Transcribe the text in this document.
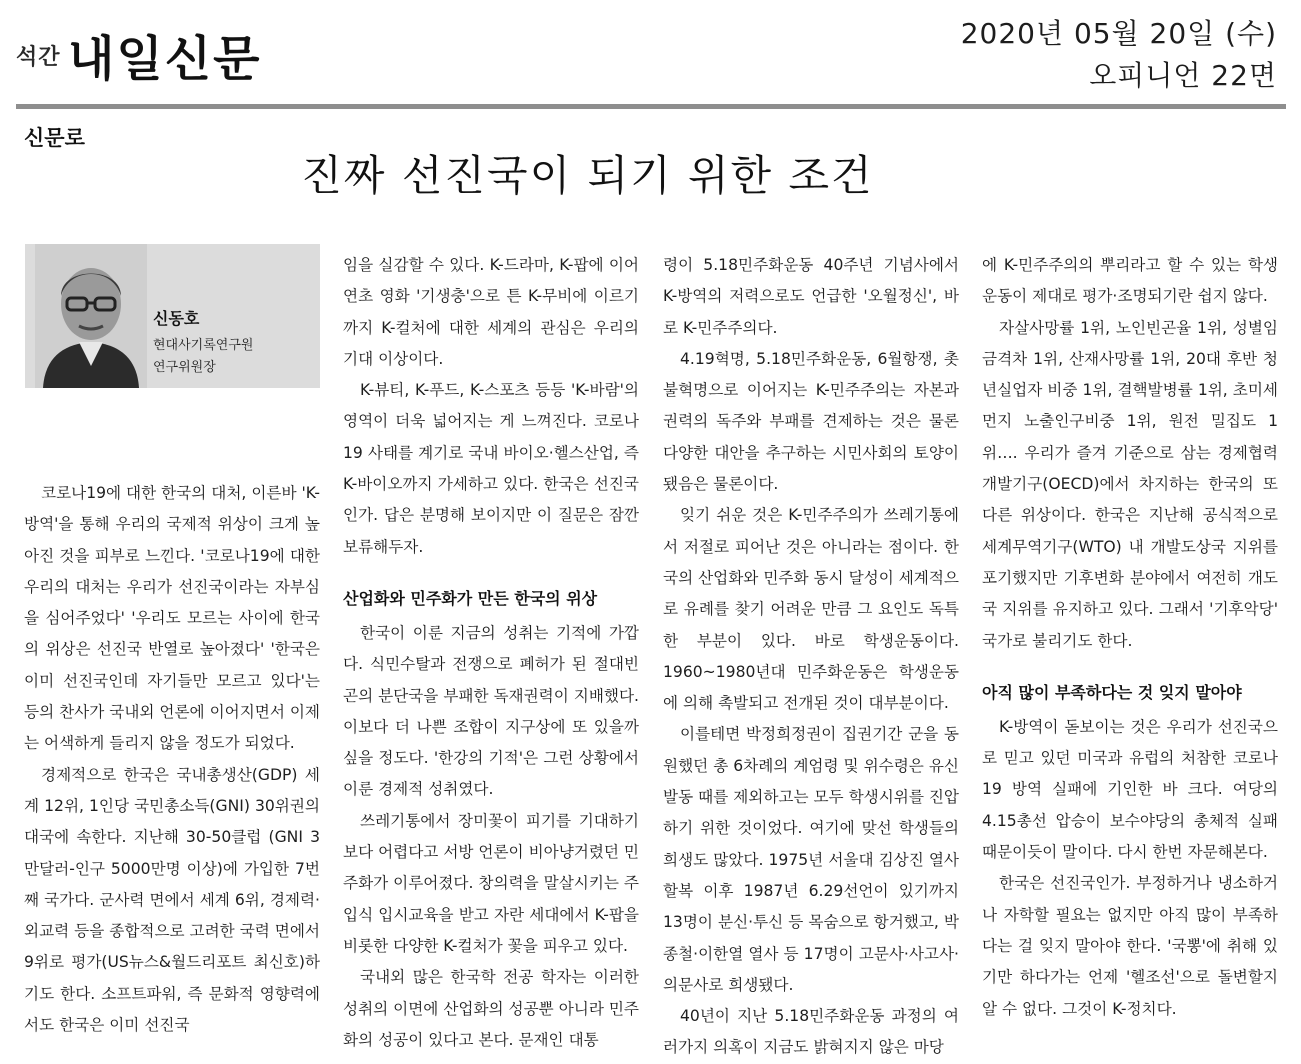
석간 내일신문	2020년 05월 20일 (수)
오피니언 22면
신문로
진짜 선진국이 되기 위한 조건
신동호
현대사기록연구원
연구위원장

코로나19에 대한 한국의 대처, 이른바 'K-방역'을 통해 우리의 국제적 위상이 크게 높아진 것을 피부로 느낀다. '코로나19에 대한 우리의 대처는 우리가 선진국이라는 자부심을 심어주었다' '우리도 모르는 사이에 한국의 위상은 선진국 반열로 높아졌다' '한국은 이미 선진국인데 자기들만 모르고 있다'는 등의 찬사가 국내외 언론에 이어지면서 이제는 어색하게 들리지 않을 정도가 되었다.

경제적으로 한국은 국내총생산(GDP) 세계 12위, 1인당 국민총소득(GNI) 30위권의 대국에 속한다. 지난해 30-50클럽 (GNI 3만달러-인구 5000만명 이상)에 가입한 7번째 국가다. 군사력 면에서 세계 6위, 경제력·외교력 등을 종합적으로 고려한 국력 면에서 9위로 평가(US뉴스&월드리포트 최신호)하기도 한다. 소프트파워, 즉 문화적 영향력에서도 한국은 이미 선진국

임을 실감할 수 있다. K-드라마, K-팝에 이어 연초 영화 '기생충'으로 튼 K-무비에 이르기까지 K-컬처에 대한 세계의 관심은 우리의 기대 이상이다.

K-뷰티, K-푸드, K-스포츠 등등 'K-바람'의 영역이 더욱 넓어지는 게 느껴진다. 코로나19 사태를 계기로 국내 바이오·헬스산업, 즉 K-바이오까지 가세하고 있다. 한국은 선진국인가. 답은 분명해 보이지만 이 질문은 잠깐 보류해두자.

산업화와 민주화가 만든 한국의 위상

한국이 이룬 지금의 성취는 기적에 가깝다. 식민수탈과 전쟁으로 폐허가 된 절대빈곤의 분단국을 부패한 독재권력이 지배했다. 이보다 더 나쁜 조합이 지구상에 또 있을까 싶을 정도다. '한강의 기적'은 그런 상황에서 이룬 경제적 성취였다.

쓰레기통에서 장미꽃이 피기를 기대하기보다 어렵다고 서방 언론이 비아냥거렸던 민주화가 이루어졌다. 창의력을 말살시키는 주입식 입시교육을 받고 자란 세대에서 K-팝을 비롯한 다양한 K-컬처가 꽃을 피우고 있다.

국내외 많은 한국학 전공 학자는 이러한 성취의 이면에 산업화의 성공뿐 아니라 민주화의 성공이 있다고 본다. 문재인 대통

령이 5.18민주화운동 40주년 기념사에서 K-방역의 저력으로도 언급한 '오월정신', 바로 K-민주주의다.

4.19혁명, 5.18민주화운동, 6월항쟁, 촛불혁명으로 이어지는 K-민주주의는 자본과 권력의 독주와 부패를 견제하는 것은 물론 다양한 대안을 추구하는 시민사회의 토양이 됐음은 물론이다.

잊기 쉬운 것은 K-민주주의가 쓰레기통에서 저절로 피어난 것은 아니라는 점이다. 한국의 산업화와 민주화 동시 달성이 세계적으로 유례를 찾기 어려운 만큼 그 요인도 독특한 부분이 있다. 바로 학생운동이다. 1960~1980년대 민주화운동은 학생운동에 의해 촉발되고 전개된 것이 대부분이다.

이를테면 박정희정권이 집권기간 군을 동원했던 총 6차례의 계엄령 및 위수령은 유신 발동 때를 제외하고는 모두 학생시위를 진압하기 위한 것이었다. 여기에 맞선 학생들의 희생도 많았다. 1975년 서울대 김상진 열사 할복 이후 1987년 6.29선언이 있기까지 13명이 분신·투신 등 목숨으로 항거했고, 박종철·이한열 열사 등 17명이 고문사·사고사·의문사로 희생됐다.

40년이 지난 5.18민주화운동 과정의 여러가지 의혹이 지금도 밝혀지지 않은 마당

에 K-민주주의의 뿌리라고 할 수 있는 학생운동이 제대로 평가·조명되기란 쉽지 않다.

자살사망률 1위, 노인빈곤율 1위, 성별임금격차 1위, 산재사망률 1위, 20대 후반 청년실업자 비중 1위, 결핵발병률 1위, 초미세먼지 노출인구비중 1위, 원전 밀집도 1위…. 우리가 즐겨 기준으로 삼는 경제협력개발기구(OECD)에서 차지하는 한국의 또다른 위상이다. 한국은 지난해 공식적으로 세계무역기구(WTO) 내 개발도상국 지위를 포기했지만 기후변화 분야에서 여전히 개도국 지위를 유지하고 있다. 그래서 '기후악당' 국가로 불리기도 한다.

아직 많이 부족하다는 것 잊지 말아야

K-방역이 돋보이는 것은 우리가 선진국으로 믿고 있던 미국과 유럽의 처참한 코로나19 방역 실패에 기인한 바 크다. 여당의 4.15총선 압승이 보수야당의 총체적 실패 때문이듯이 말이다. 다시 한번 자문해본다.

한국은 선진국인가. 부정하거나 냉소하거나 자학할 필요는 없지만 아직 많이 부족하다는 걸 잊지 말아야 한다. '국뽕'에 취해 있기만 하다가는 언제 '헬조선'으로 돌변할지 알 수 없다. 그것이 K-정치다.
